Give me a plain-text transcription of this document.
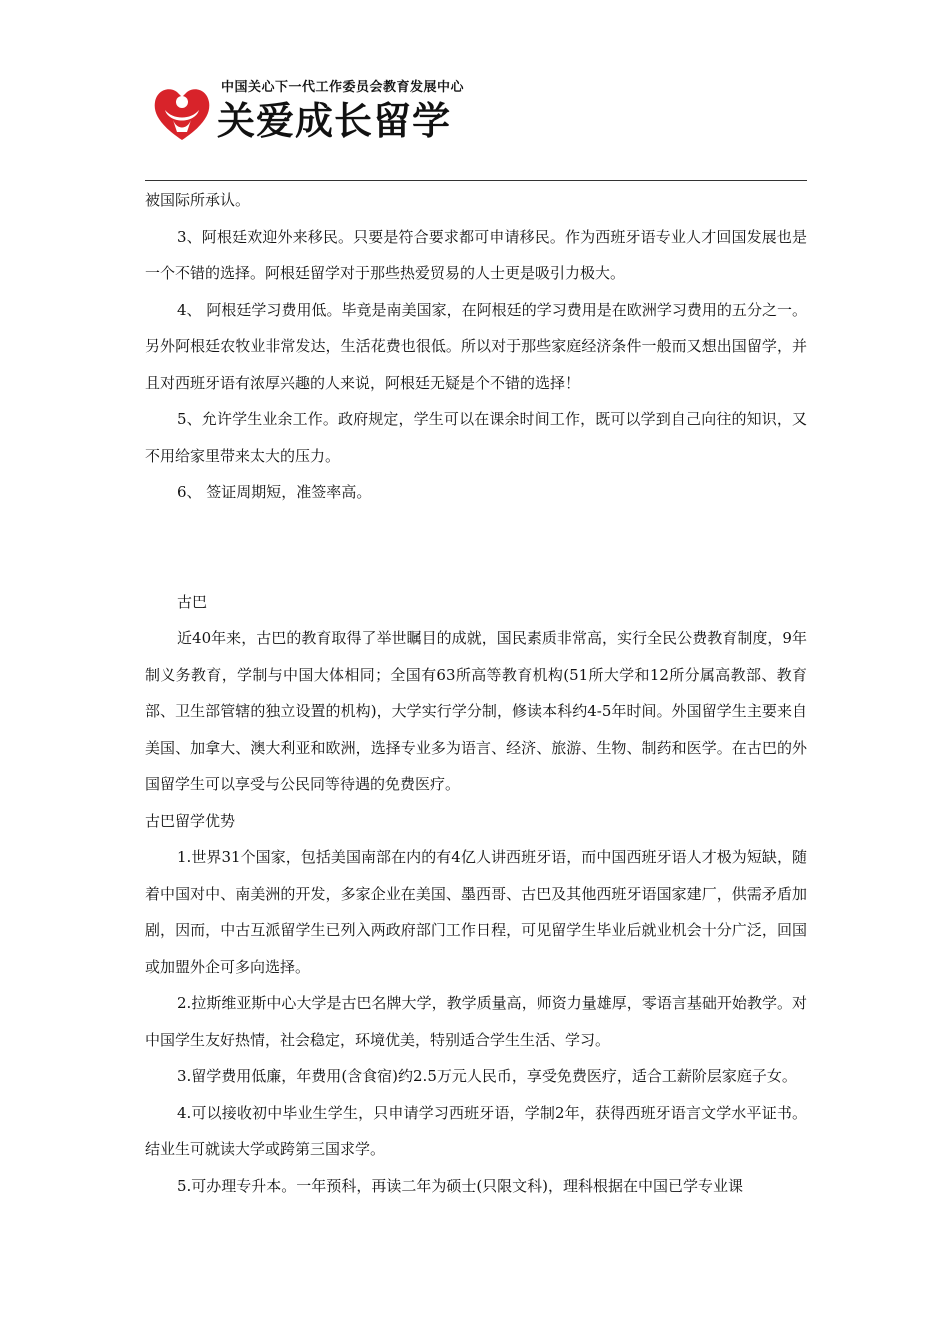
中国关心下一代工作委员会教育发展中心
关爱成长留学

被国际所承认。

3、阿根廷欢迎外来移民。只要是符合要求都可申请移民。作为西班牙语专业人才回国发展也是一个不错的选择。阿根廷留学对于那些热爱贸易的人士更是吸引力极大。

4、 阿根廷学习费用低。毕竟是南美国家，在阿根廷的学习费用是在欧洲学习费用的五分之一。另外阿根廷农牧业非常发达，生活花费也很低。所以对于那些家庭经济条件一般而又想出国留学，并且对西班牙语有浓厚兴趣的人来说，阿根廷无疑是个不错的选择！

5、允许学生业余工作。政府规定，学生可以在课余时间工作，既可以学到自己向往的知识，又不用给家里带来太大的压力。

6、 签证周期短，准签率高。

古巴

近40年来，古巴的教育取得了举世瞩目的成就，国民素质非常高，实行全民公费教育制度，9年制义务教育，学制与中国大体相同；全国有63所高等教育机构(51所大学和12所分属高教部、教育部、卫生部管辖的独立设置的机构)，大学实行学分制，修读本科约4-5年时间。外国留学生主要来自美国、加拿大、澳大利亚和欧洲，选择专业多为语言、经济、旅游、生物、制药和医学。在古巴的外国留学生可以享受与公民同等待遇的免费医疗。

古巴留学优势

1.世界31个国家，包括美国南部在内的有4亿人讲西班牙语，而中国西班牙语人才极为短缺，随着中国对中、南美洲的开发，多家企业在美国、墨西哥、古巴及其他西班牙语国家建厂，供需矛盾加剧，因而，中古互派留学生已列入两政府部门工作日程，可见留学生毕业后就业机会十分广泛，回国或加盟外企可多向选择。

2.拉斯维亚斯中心大学是古巴名牌大学，教学质量高，师资力量雄厚，零语言基础开始教学。对中国学生友好热情，社会稳定，环境优美，特别适合学生生活、学习。

3.留学费用低廉，年费用(含食宿)约2.5万元人民币，享受免费医疗，适合工薪阶层家庭子女。

4.可以接收初中毕业生学生，只申请学习西班牙语，学制2年，获得西班牙语言文学水平证书。结业生可就读大学或跨第三国求学。

5.可办理专升本。一年预科，再读二年为硕士(只限文科)，理科根据在中国已学专业课
